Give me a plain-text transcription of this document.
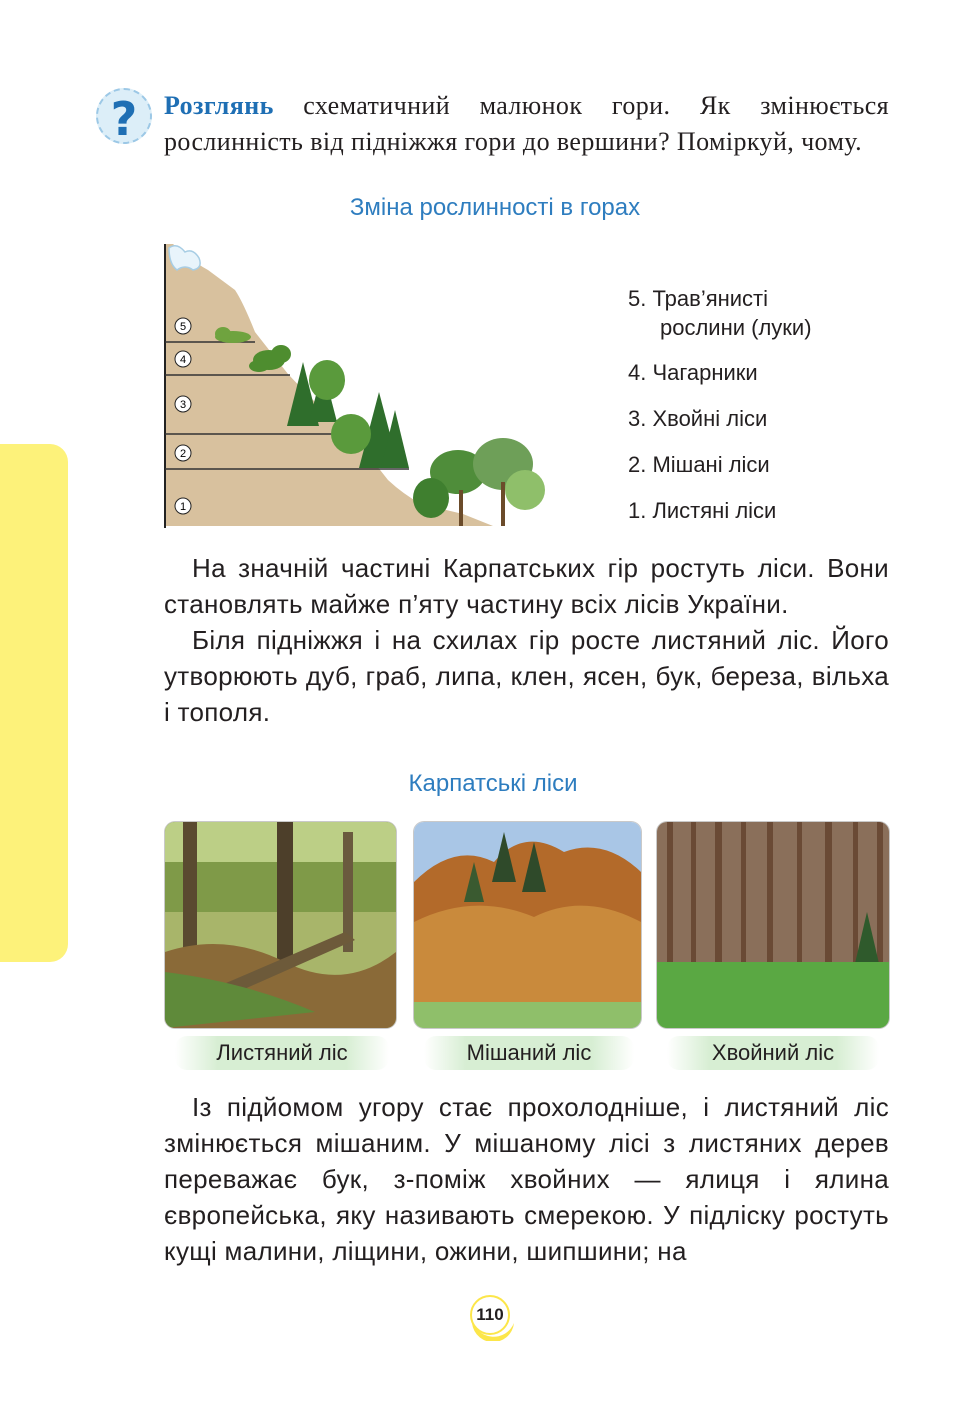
?	Розглянь схематичний малюнок гори. Як змінюється рослинність від підніжжя гори до вершини? Поміркуй, чому.
Зміна рослинності в горах
5
4
3
2
1
5. Трав’янисті
рослини (луки)
4. Чагарники
3. Хвойні ліси
2. Мішані ліси
1. Листяні ліси

На значній частині Карпатських гір ростуть ліси. Вони становлять майже п’яту частину всіх лісів України.

Біля підніжжя і на схилах гір росте листяний ліс. Його утворюють дуб, граб, липа, клен, ясен, бук, береза, вільха і тополя.

Карпатські ліси
Листяний ліс	Мішаний ліс	Хвойний ліс

Із підйомом угору стає прохолодніше, і листяний ліс змінюється мішаним. У мішаному лісі з листяних дерев переважає бук, з-поміж хвойних — ялиця і ялина європейська, яку називають смерекою. У підліску ростуть кущі малини, ліщини, ожини, шипшини; на

110
